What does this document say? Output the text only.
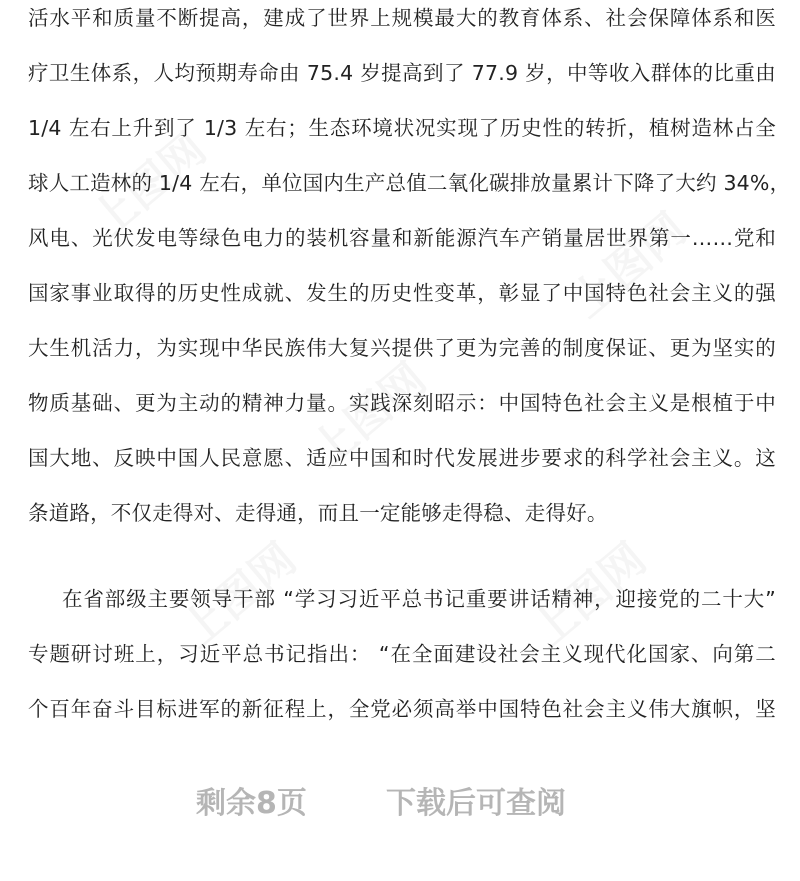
上图网
上图网
上图网
上图网	上图网
活水平和质量不断提高，建成了世界上规模最大的教育体系、社会保障体系和医
疗卫生体系，人均预期寿命由 75.4 岁提高到了 77.9 岁，中等收入群体的比重由
1/4 左右上升到了 1/3 左右；生态环境状况实现了历史性的转折，植树造林占全
球人工造林的 1/4 左右，单位国内生产总值二氧化碳排放量累计下降了大约 34%，
风电、光伏发电等绿色电力的装机容量和新能源汽车产销量居世界第一……党和
国家事业取得的历史性成就、发生的历史性变革，彰显了中国特色社会主义的强
大生机活力，为实现中华民族伟大复兴提供了更为完善的制度保证、更为坚实的
物质基础、更为主动的精神力量。实践深刻昭示：中国特色社会主义是根植于中
国大地、反映中国人民意愿、适应中国和时代发展进步要求的科学社会主义。这
条道路，不仅走得对、走得通，而且一定能够走得稳、走得好。
在省部级主要领导干部 “学习习近平总书记重要讲话精神，迎接党的二十大”
专题研讨班上，习近平总书记指出： “在全面建设社会主义现代化国家、向第二
个百年奋斗目标进军的新征程上，全党必须高举中国特色社会主义伟大旗帜，坚
剩余8页	下载后可查阅
